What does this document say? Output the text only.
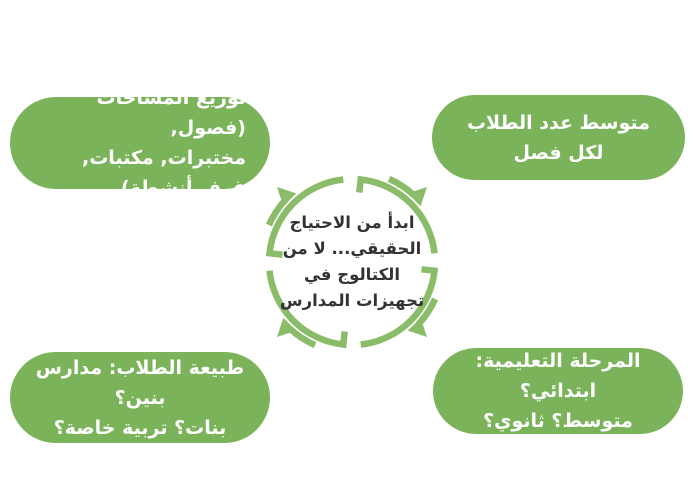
توزيع المساحات (فصول,
مختبرات, مكتبات, غرف أنشطة)
متوسط عدد الطلاب لكل فصل
طبيعة الطلاب: مدارس بنين؟
بنات؟ تربية خاصة؟
المرحلة التعليمية: ابتدائي؟
متوسط؟ ثانوي؟
ابدأ من الاحتياج
الحقيقي... لا من
الكتالوج في
تجهيزات المدارس
